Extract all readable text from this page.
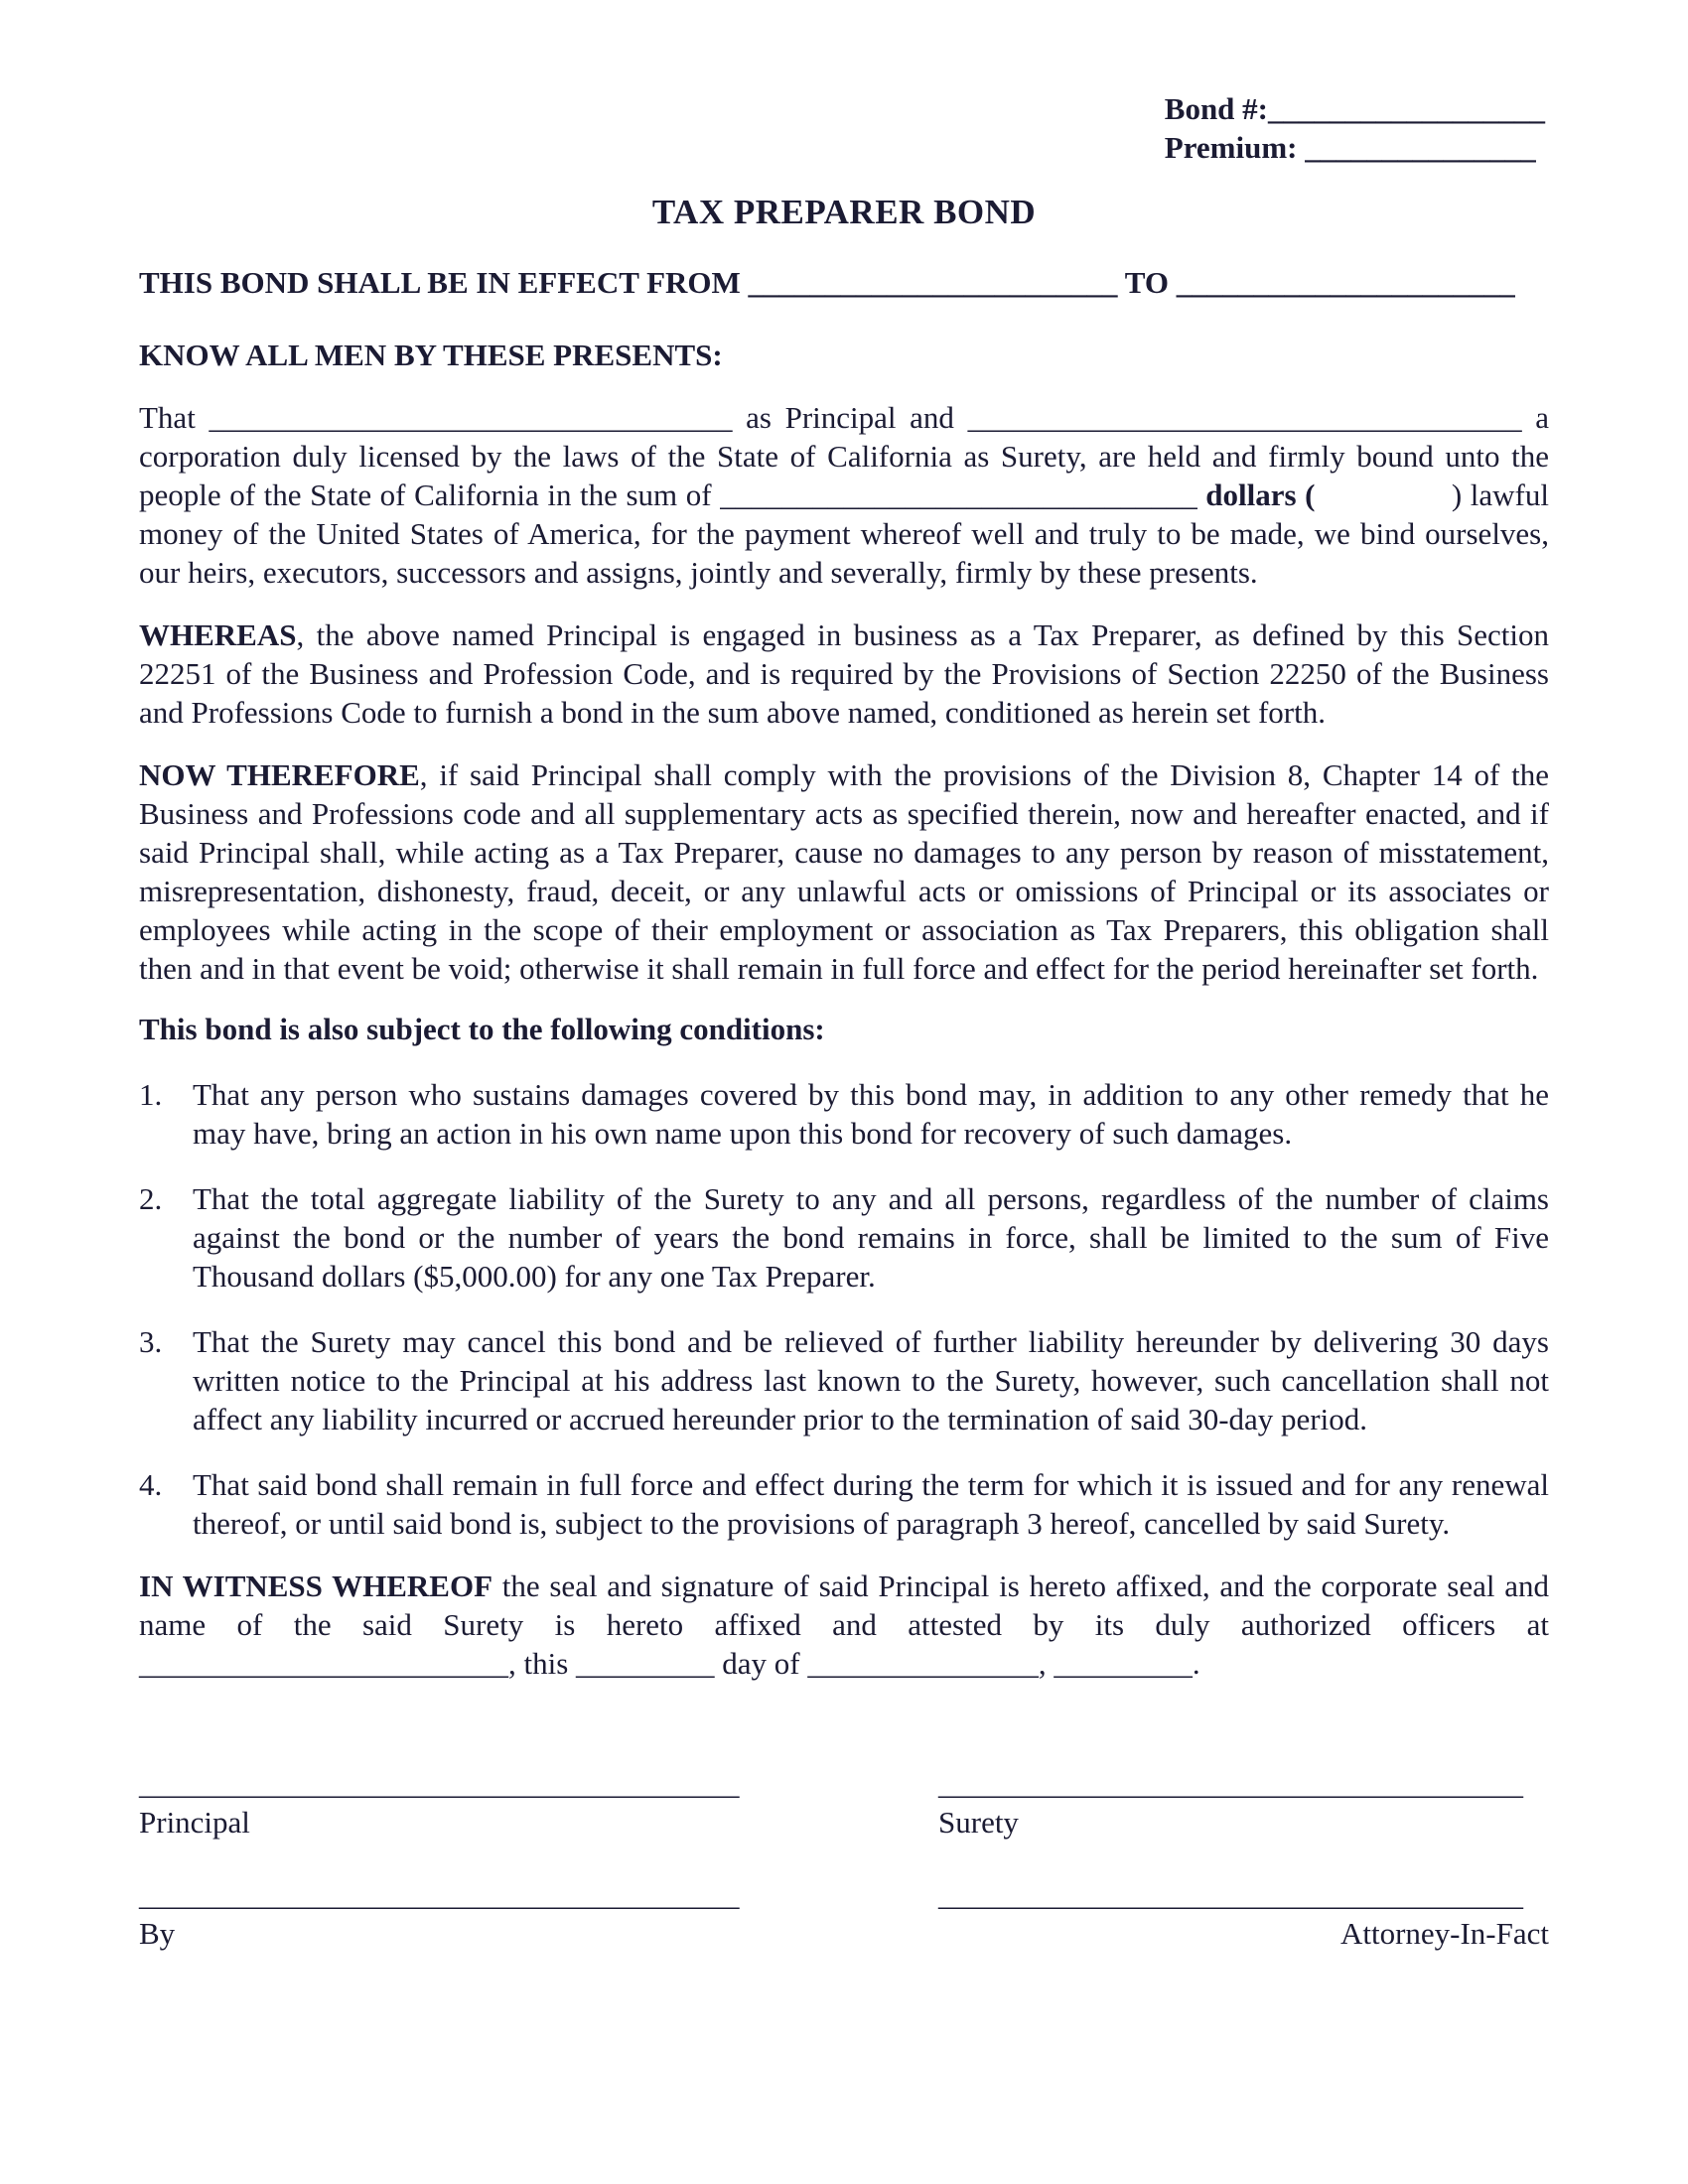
Bond #:__________________
Premium: _______________
TAX PREPARER BOND

THIS BOND SHALL BE IN EFFECT FROM ________________________ TO ______________________

KNOW ALL MEN BY THESE PRESENTS:

That __________________________________ as Principal and ____________________________________ a corporation duly licensed by the laws of the State of California as Surety, are held and firmly bound unto the people of the State of California in the sum of _______________________________ dollars (	) lawful money of the United States of America, for the payment whereof well and truly to be made, we bind ourselves, our heirs, executors, successors and assigns, jointly and severally, firmly by these presents.

WHEREAS, the above named Principal is engaged in business as a Tax Preparer, as defined by this Section 22251 of the Business and Profession Code, and is required by the Provisions of Section 22250 of the Business and Professions Code to furnish a bond in the sum above named, conditioned as herein set forth.

NOW THEREFORE, if said Principal shall comply with the provisions of the Division 8, Chapter 14 of the Business and Professions code and all supplementary acts as specified therein, now and hereafter enacted, and if said Principal shall, while acting as a Tax Preparer, cause no damages to any person by reason of misstatement, misrepresentation, dishonesty, fraud, deceit, or any unlawful acts or omissions of Principal or its associates or employees while acting in the scope of their employment or association as Tax Preparers, this obligation shall then and in that event be void; otherwise it shall remain in full force and effect for the period hereinafter set forth.

This bond is also subject to the following conditions:

1. That any person who sustains damages covered by this bond may, in addition to any other remedy that he may have, bring an action in his own name upon this bond for recovery of such damages.
2. That the total aggregate liability of the Surety to any and all persons, regardless of the number of claims against the bond or the number of years the bond remains in force, shall be limited to the sum of Five Thousand dollars ($5,000.00) for any one Tax Preparer.
3. That the Surety may cancel this bond and be relieved of further liability hereunder by delivering 30 days written notice to the Principal at his address last known to the Surety, however, such cancellation shall not affect any liability incurred or accrued hereunder prior to the termination of said 30-day period.
4. That said bond shall remain in full force and effect during the term for which it is issued and for any renewal thereof, or until said bond is, subject to the provisions of paragraph 3 hereof, cancelled by said Surety.

IN WITNESS WHEREOF the seal and signature of said Principal is hereto affixed, and the corporate seal and name of the said Surety is hereto affixed and attested by its duly authorized officers at ________________________, this _________ day of _______________, _________.

_______________________________________
Principal
______________________________________
Surety
_______________________________________
By
______________________________________
Attorney-In-Fact
